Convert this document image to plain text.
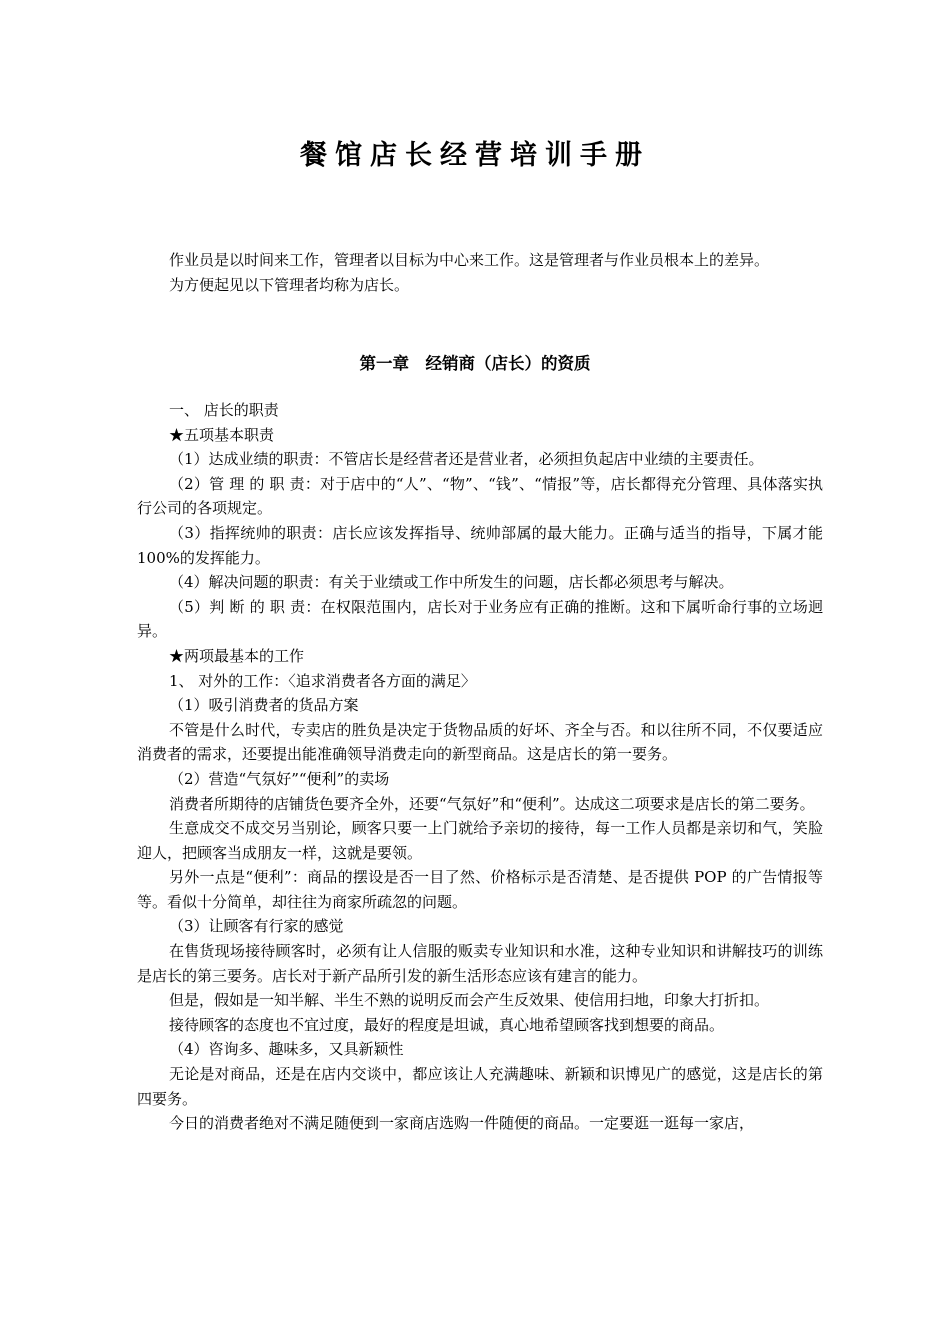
餐馆店长经营培训手册

作业员是以时间来工作，管理者以目标为中心来工作。这是管理者与作业员根本上的差异。

为方便起见以下管理者均称为店长。

第一章　经销商（店长）的资质

一、 店长的职责

★五项基本职责

（1）达成业绩的职责：不管店长是经营者还是营业者，必须担负起店中业绩的主要责任。

（2）管 理 的 职 责：对于店中的“人”、“物”、“钱”、“情报”等，店长都得充分管理、具体落实执行公司的各项规定。

（3）指挥统帅的职责：店长应该发挥指导、统帅部属的最大能力。正确与适当的指导，下属才能 100%的发挥能力。

（4）解决问题的职责：有关于业绩或工作中所发生的问题，店长都必须思考与解决。

（5）判 断 的 职 责：在权限范围内，店长对于业务应有正确的推断。这和下属听命行事的立场迥异。

★两项最基本的工作

1、 对外的工作：〈追求消费者各方面的满足〉

（1）吸引消费者的货品方案

不管是什么时代，专卖店的胜负是决定于货物品质的好坏、齐全与否。和以往所不同，不仅要适应消费者的需求，还要提出能准确领导消费走向的新型商品。这是店长的第一要务。

（2）营造“气氛好”“便利”的卖场

消费者所期待的店铺货色要齐全外，还要“气氛好”和“便利”。达成这二项要求是店长的第二要务。

生意成交不成交另当别论，顾客只要一上门就给予亲切的接待，每一工作人员都是亲切和气，笑脸迎人，把顾客当成朋友一样，这就是要领。

另外一点是“便利”：商品的摆设是否一目了然、价格标示是否清楚、是否提供 POP 的广告情报等等。看似十分简单，却往往为商家所疏忽的问题。

（3）让顾客有行家的感觉

在售货现场接待顾客时，必须有让人信服的贩卖专业知识和水准，这种专业知识和讲解技巧的训练是店长的第三要务。店长对于新产品所引发的新生活形态应该有建言的能力。

但是，假如是一知半解、半生不熟的说明反而会产生反效果、使信用扫地，印象大打折扣。

接待顾客的态度也不宜过度，最好的程度是坦诚，真心地希望顾客找到想要的商品。

（4）咨询多、趣味多，又具新颖性

无论是对商品，还是在店内交谈中，都应该让人充满趣味、新颖和识博见广的感觉，这是店长的第四要务。

今日的消费者绝对不满足随便到一家商店选购一件随便的商品。一定要逛一逛每一家店，
